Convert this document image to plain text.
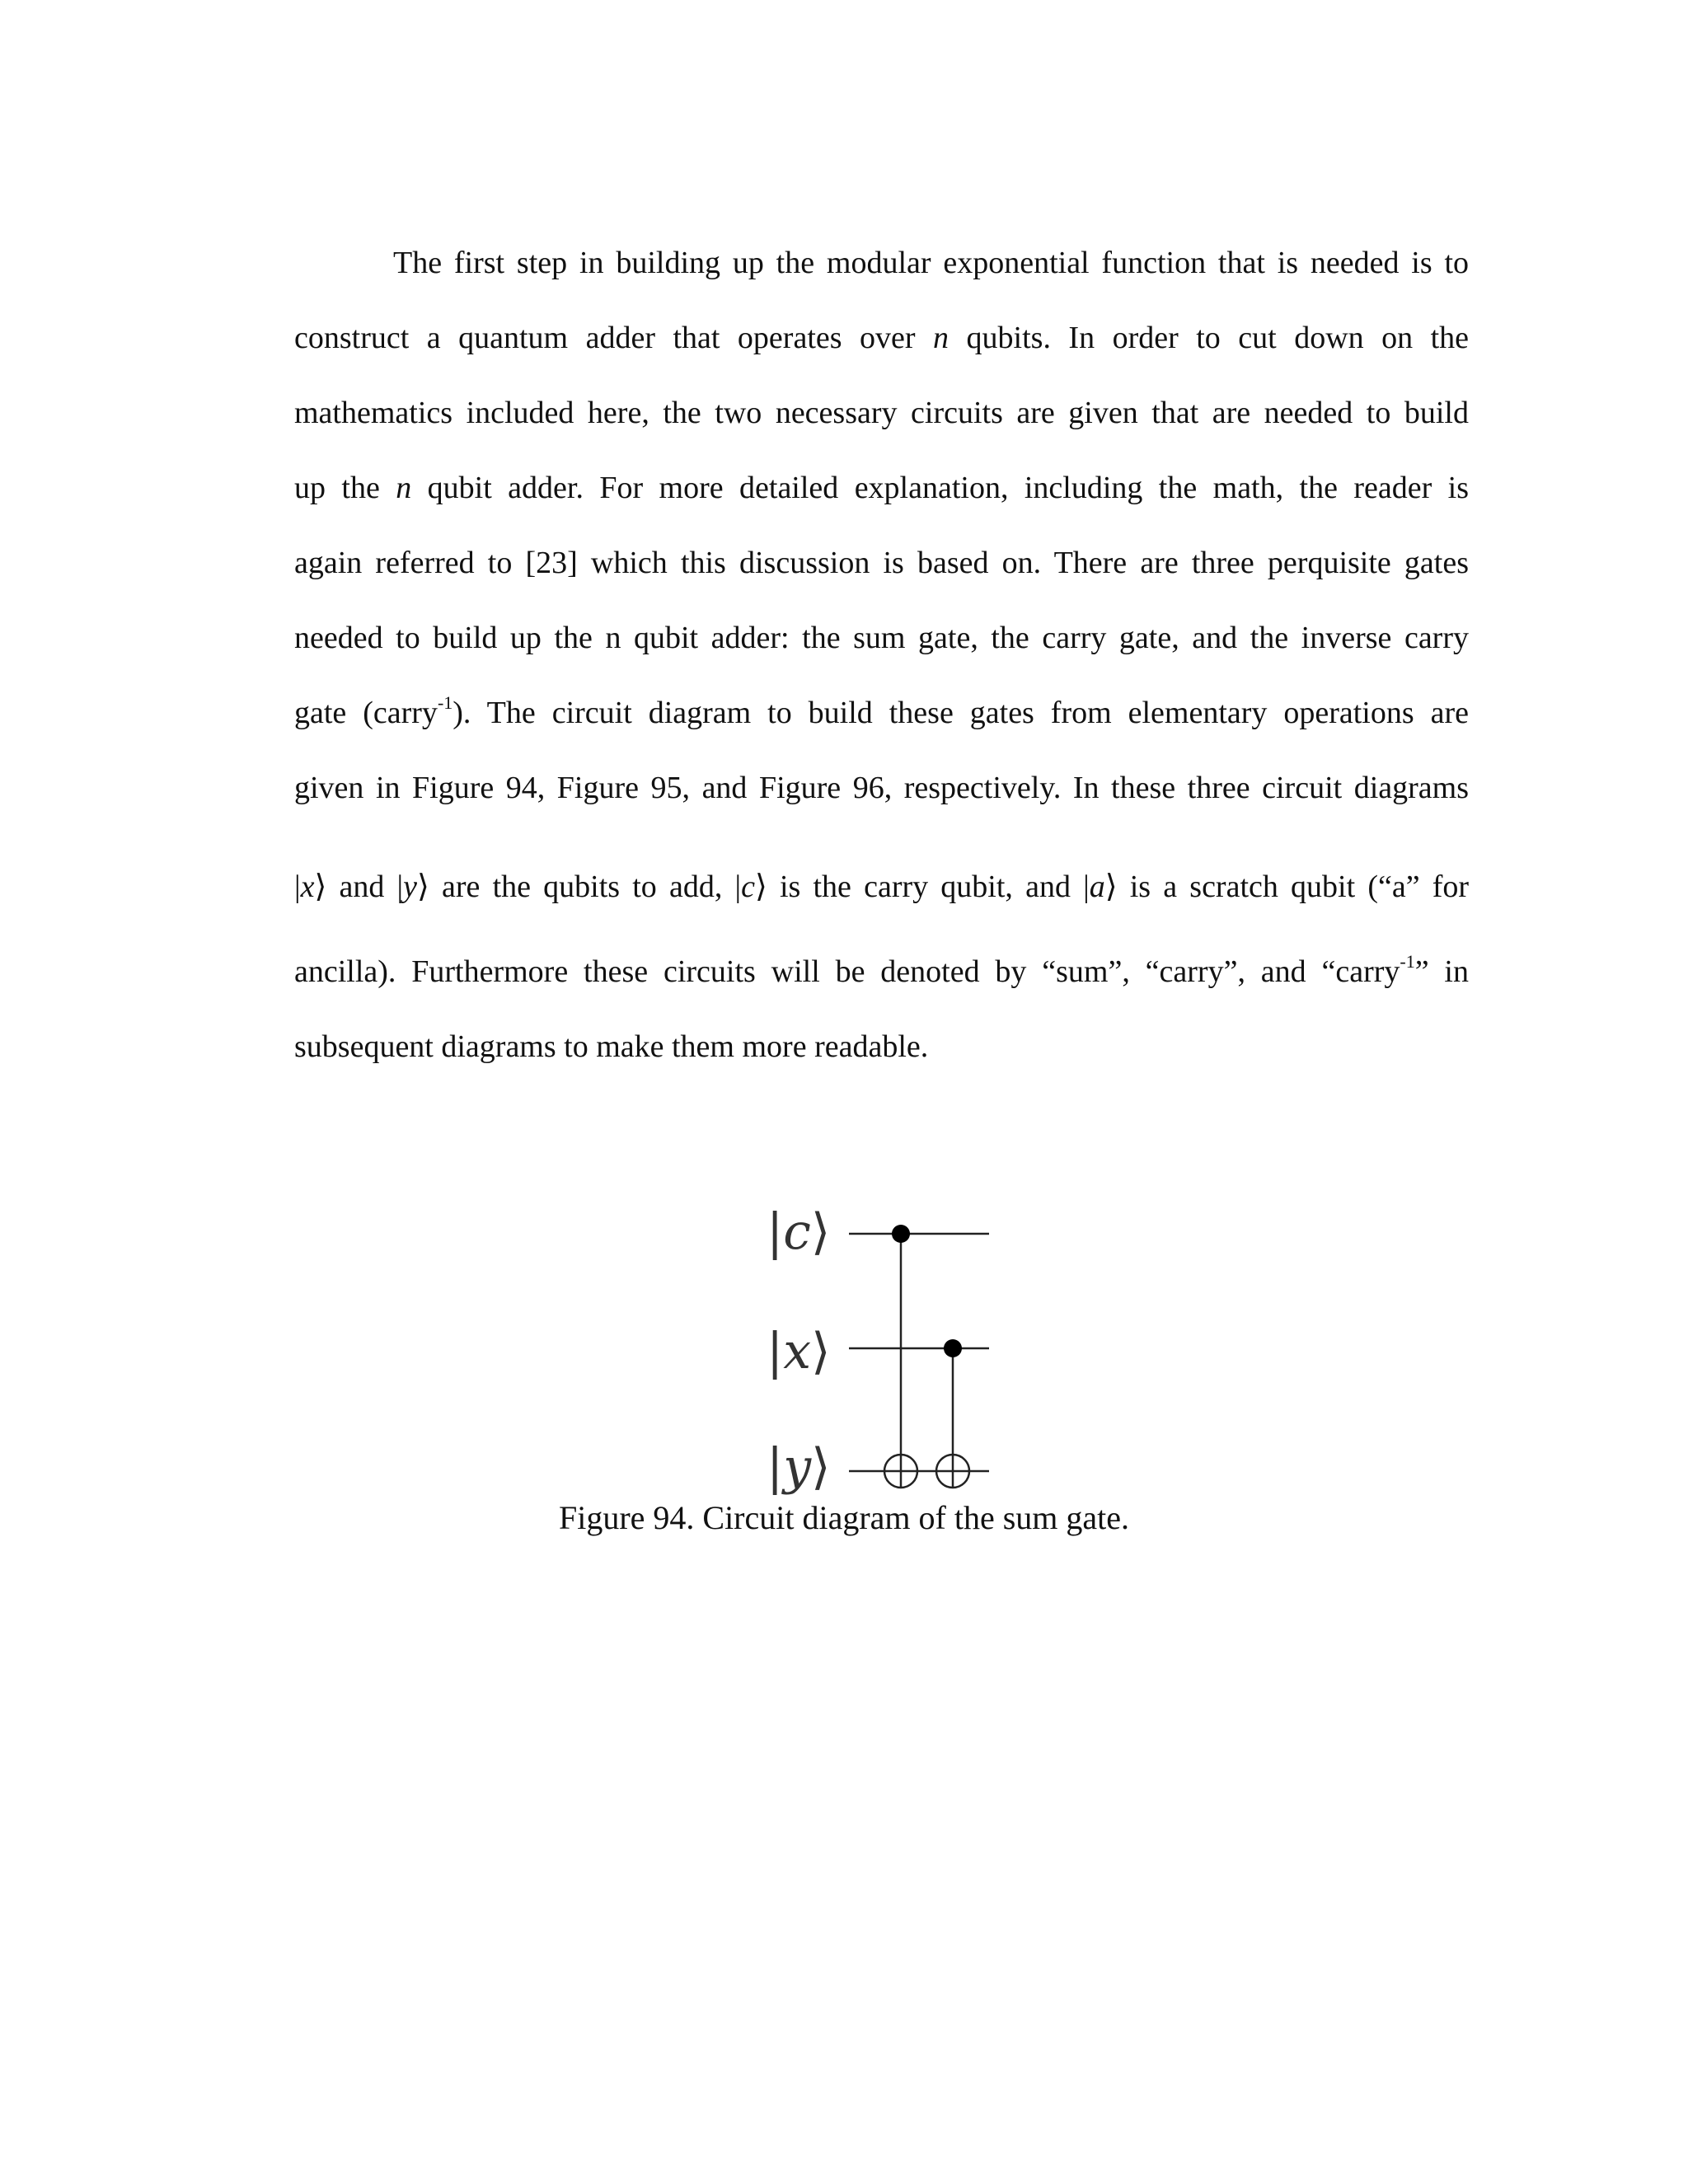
The first step in building up the modular exponential function that is needed is to
construct a quantum adder that operates over n qubits. In order to cut down on the
mathematics included here, the two necessary circuits are given that are needed to build
up the n qubit adder. For more detailed explanation, including the math, the reader is
again referred to [23] which this discussion is based on. There are three perquisite gates
needed to build up the n qubit adder: the sum gate, the carry gate, and the inverse carry
gate (carry$^{-1}$). The circuit diagram to build these gates from elementary operations are
given in Figure 94, Figure 95, and Figure 96, respectively. In these three circuit diagrams
|x⟩ and |y⟩ are the qubits to add, |c⟩ is the carry qubit, and |a⟩ is a scratch qubit (“a” for
ancilla). Furthermore these circuits will be denoted by “sum”, “carry”, and “carry$^{-1}$” in
subsequent diagrams to make them more readable.
|c⟩
|x⟩
|y⟩
Figure 94. Circuit diagram of the sum gate.
